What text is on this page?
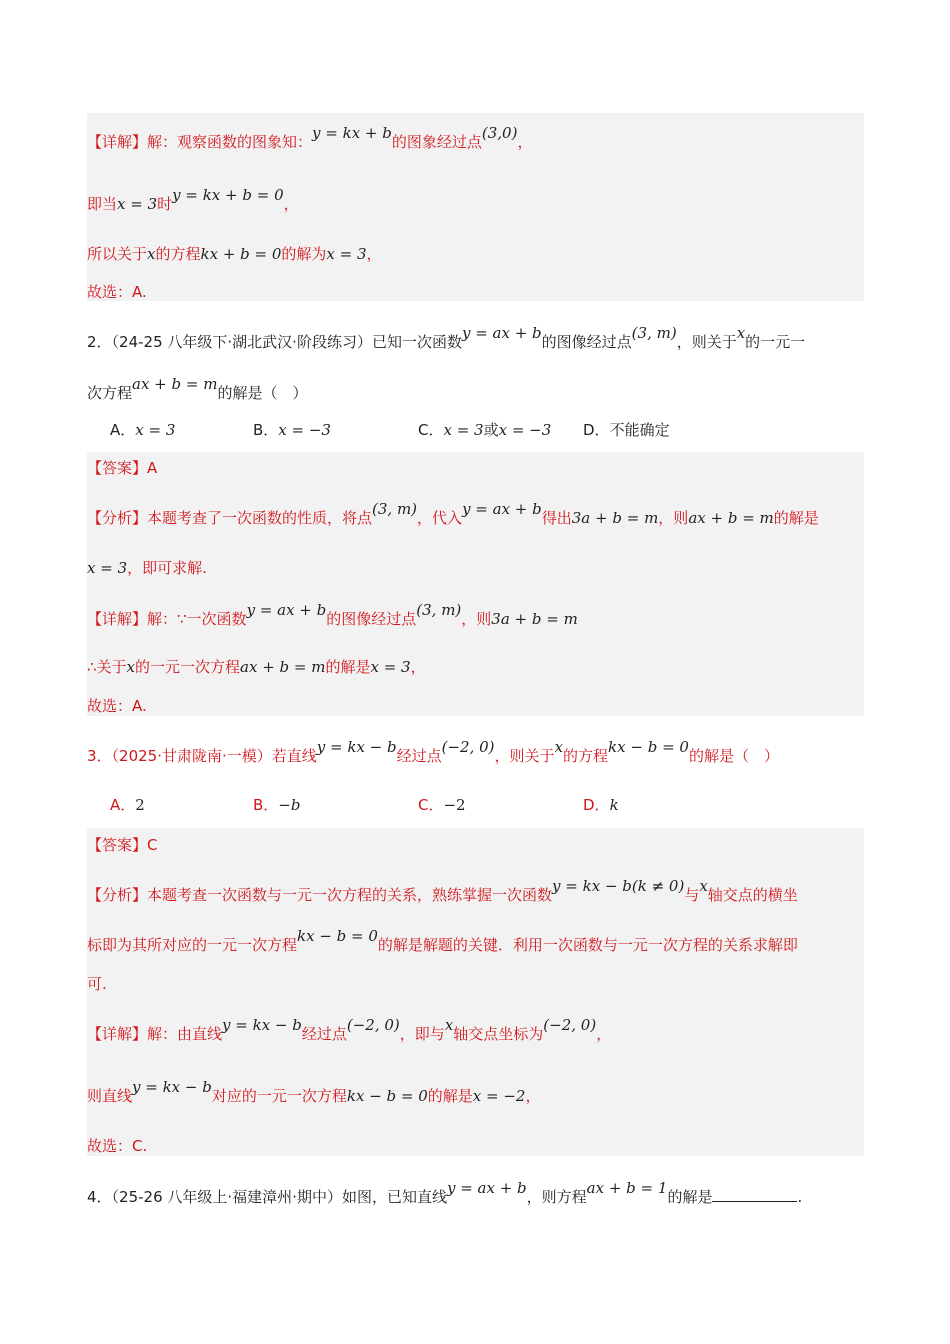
【详解】解：观察函数的图象知：y = kx + b的图象经过点(3,0)，
即当x = 3时y = kx + b = 0，
所以关于x的方程kx + b = 0的解为x = 3，
故选：A.
2．（24-25 八年级下·湖北武汉·阶段练习）已知一次函数y = ax + b的图像经过点(3, m)，则关于x的一元一
次方程ax + b = m的解是（　）
A．x = 3	B．x = −3	C．x = 3或x = −3 D．不能确定
【答案】A
【分析】本题考查了一次函数的性质，将点(3, m)，代入y = ax + b得出3a + b = m，则ax + b = m的解是
x = 3，即可求解.
【详解】解：∵一次函数y = ax + b的图像经过点(3, m)，则3a + b = m
∴关于x的一元一次方程ax + b = m的解是x = 3，
故选：A.
3．（2025·甘肃陇南·一模）若直线y = kx − b经过点(−2, 0)，则关于x的方程kx − b = 0的解是（　）
A．2	B．−b	C．−2	D．k
【答案】C
【分析】本题考查一次函数与一元一次方程的关系，熟练掌握一次函数y = kx − b(k ≠ 0)与x轴交点的横坐
标即为其所对应的一元一次方程kx − b = 0的解是解题的关键．利用一次函数与一元一次方程的关系求解即
可.
【详解】解：由直线y = kx − b经过点(−2, 0)，即与x轴交点坐标为(−2, 0)，
则直线y = kx − b对应的一元一次方程kx − b = 0的解是x = −2，
故选：C.
4．（25-26 八年级上·福建漳州·期中）如图，已知直线y = ax + b，则方程ax + b = 1的解是	.
